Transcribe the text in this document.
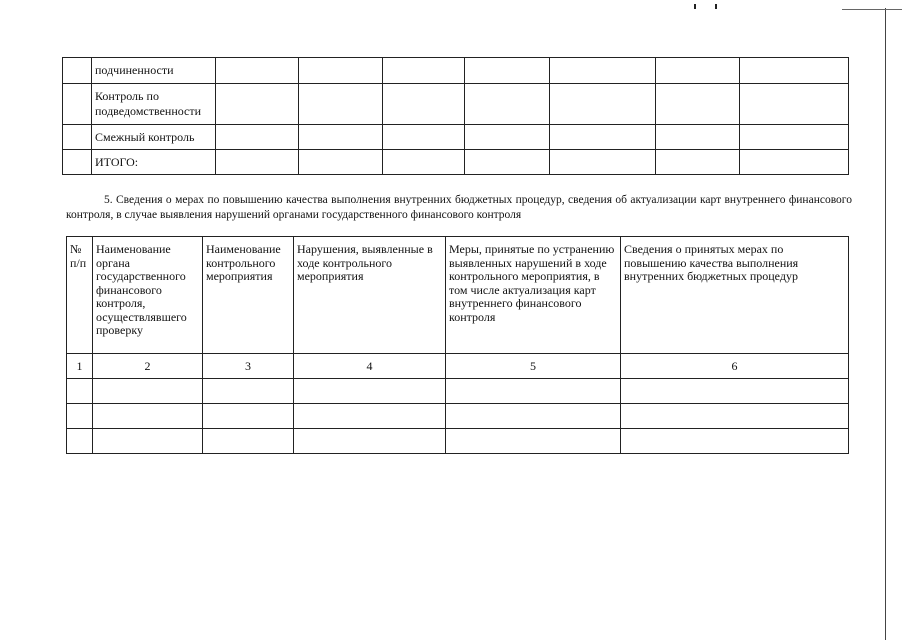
	подчиненности							
	Контроль по подведомственности							
	Смежный контроль							
	ИТОГО:							

5. Сведения о мерах по повышению качества выполнения внутренних бюджетных процедур, сведения об актуализации карт внутреннего финансового контроля, в случае выявления нарушений органами государственного финансового контроля

№ п/п	Наименование органа государственного финансового контроля, осуществлявшего проверку	Наименование контрольного мероприятия	Нарушения, выявленные в ходе контрольного мероприятия	Меры, принятые по устранению выявленных нарушений в ходе контрольного мероприятия, в том числе актуализация карт внутреннего финансового контроля	Сведения о принятых мерах по повышению качества выполнения внутренних бюджетных процедур
1	2	3	4	5	6
